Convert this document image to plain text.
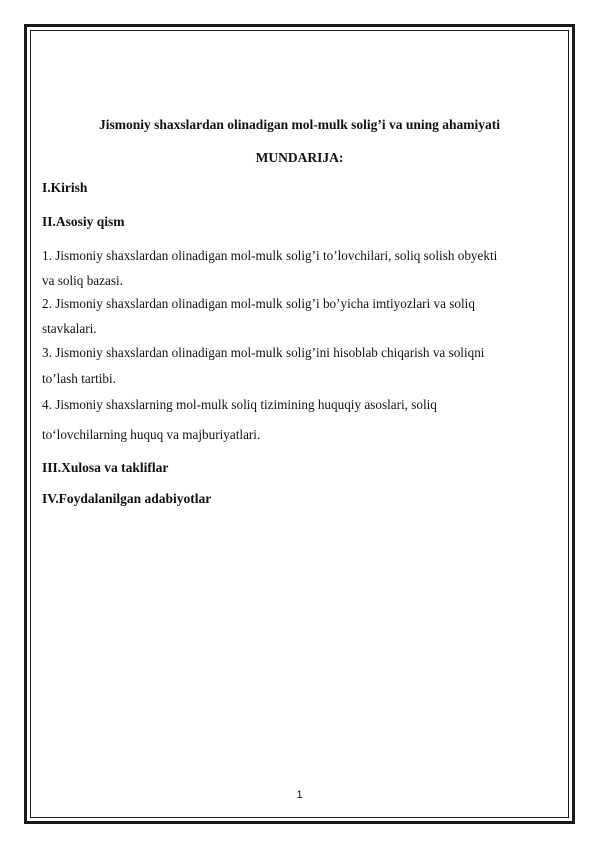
Jismoniy shaxslardan olinadigan mol-mulk solig’i va uning ahamiyati

MUNDARIJA:

I.Kirish

II.Asosiy qism

1. Jismoniy shaxslardan olinadigan mol-mulk solig’i to’lovchilari, soliq solish obyekti

va soliq bazasi.

2. Jismoniy shaxslardan olinadigan mol-mulk solig’i bo’yicha imtiyozlari va soliq

stavkalari.

3. Jismoniy shaxslardan olinadigan mol-mulk solig’ini hisoblab chiqarish va soliqni

to’lash tartibi.

4. Jismoniy shaxslarning mol-mulk soliq tizimining huquqiy asoslari, soliq

to‘lovchilarning huquq va majburiyatlari.

III.Xulosa va takliflar

IV.Foydalanilgan adabiyotlar

1
